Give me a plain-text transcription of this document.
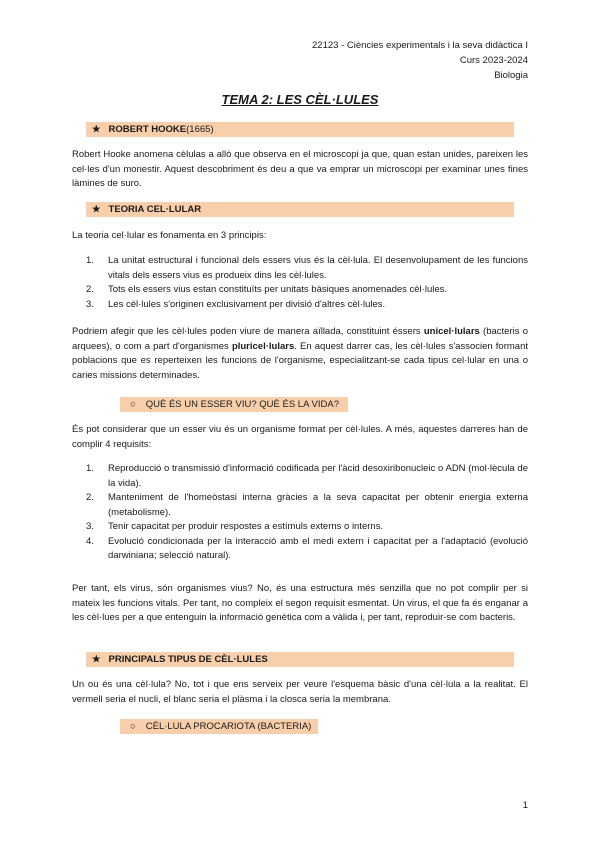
22123 - Ciències experimentals i la seva didàctica I
Curs 2023-2024
Biologia
TEMA 2: LES CÈL·LULES
★ ROBERT HOOKE(1665)
Robert Hooke anomena cèlulas a allò que observa en el microscopi ja que, quan estan unides, pareixen les cel·les d'un monestir. Aquest descobriment és deu a que va emprar un microscopi per examinar unes fines làmines de suro.
★ TEORIA CEL·LULAR
La teoria cel·lular es fonamenta en 3 principis:
1. La unitat estructural i funcional dels essers vius és la cèl·lula. El desenvolupament de les funcions vitals dels essers vius es produeix dins les cèl·lules.
2. Tots els essers vius estan constituïts per unitats bàsiques anomenades cèl·lules.
3. Les cèl·lules s'originen exclusivament per divisió d'altres cèl·lules.
Podriem afegir que les cèl·lules poden viure de manera aïllada, constituint éssers unicel·lulars (bacteris o arquees), o com a part d'organismes pluricel·lulars. En aquest darrer cas, les cèl·lules s'associen formant poblacions que es reperteixen les funcions de l'organisme, especialitzant-se cada tipus cel·lular en una o caries missions determinades.
○ QUÈ ÉS UN ESSER VIU? QUÈ ÉS LA VIDA?
És pot considerar que un esser viu és un organisme format per cèl·lules. A més, aquestes darreres han de complir 4 requisits:
1. Reproducció o transmissió d'informació codificada per l'àcid desoxiribonucleic o ADN (mol·lècula de la vida).
2. Manteniment de l'homeòstasi interna gràcies a la seva capacitat per obtenir energia externa (metabolisme).
3. Tenir capacitat per produir respostes a estímuls externs o interns.
4. Evolució condicionada per la interacció amb el medi extern i capacitat per a l'adaptació (evolució darwiniana; selecció natural).
Per tant, els virus, són organismes vius? No, és una estructura més senzilla que no pot complir per si mateix les funcions vitals. Per tant, no compleix el segon requisit esmentat. Un virus, el que fa és enganar a les cèl·lues per a que entenguin la informació genètica com a vàlida i, per tant, reproduir-se com bacteris.
★ PRINCIPALS TIPUS DE CÈL·LULES
Un ou és una cèl·lula? No, tot i que ens serveix per veure l'esquema bàsic d'una cèl·lula a la realitat. El vermell seria el nucli, el blanc seria el plàsma i la closca seria la membrana.
○ CÈL·LULA PROCARIOTA (BACTERIA)
1
